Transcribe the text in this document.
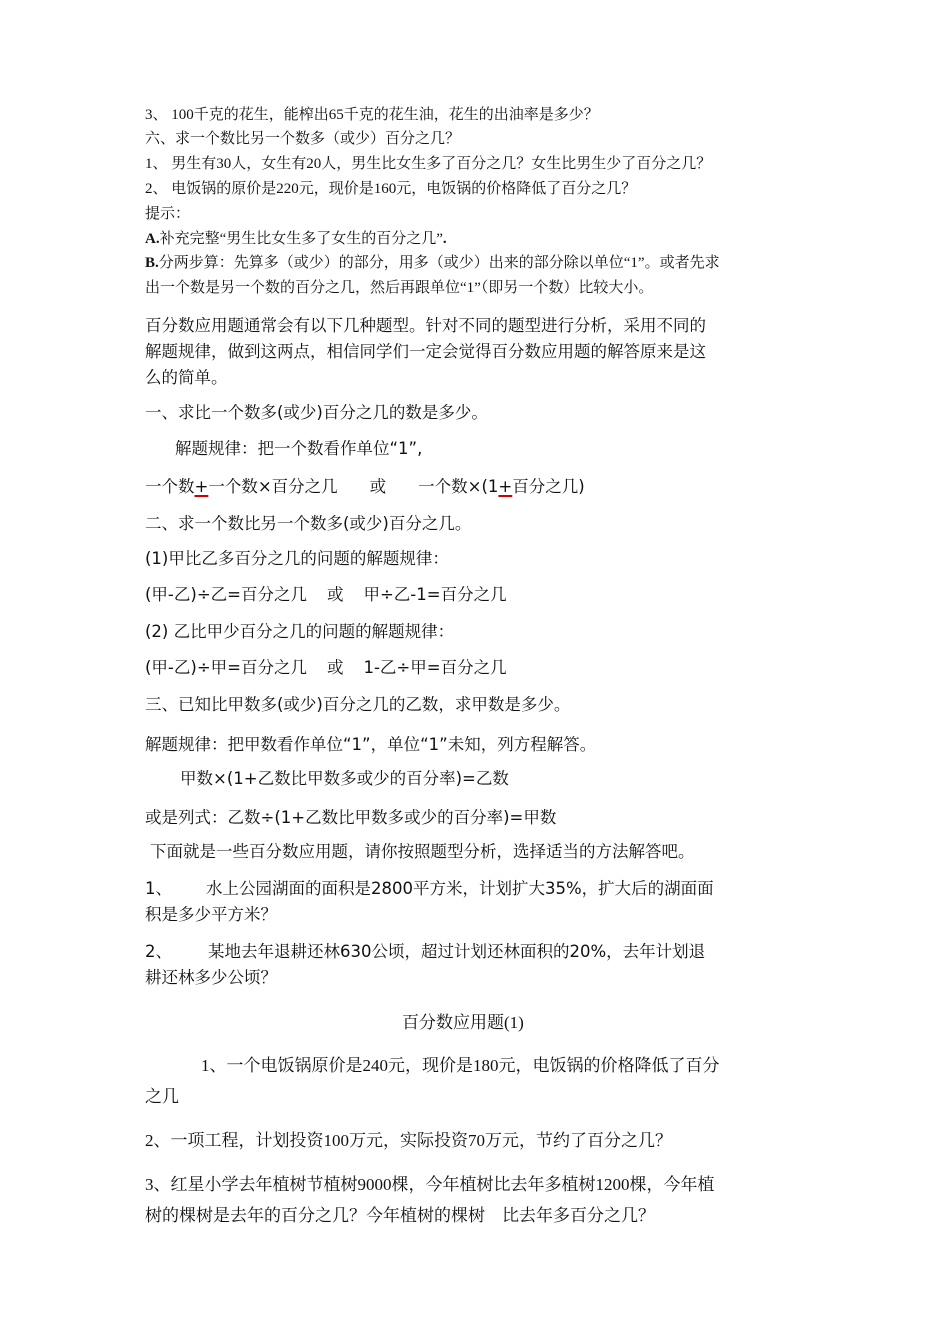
3、 100千克的花生，能榨出65千克的花生油，花生的出油率是多少？
六、求一个数比另一个数多（或少）百分之几？
1、 男生有30人，女生有20人，男生比女生多了百分之几？女生比男生少了百分之几？
2、 电饭锅的原价是220元，现价是160元，电饭锅的价格降低了百分之几？
提示：
A.补充完整“男生比女生多了女生的百分之几”.
B.分两步算：先算多（或少）的部分，用多（或少）出来的部分除以单位“1”。或者先求
出一个数是另一个数的百分之几，然后再跟单位“1”（即另一个数）比较大小。
百分数应用题通常会有以下几种题型。针对不同的题型进行分析，采用不同的
解题规律，做到这两点，相信同学们一定会觉得百分数应用题的解答原来是这
么的简单。
一、求比一个数多(或少)百分之几的数是多少。
解题规律：把一个数看作单位“1”,
一个数+一个数×百分之几 或 一个数×(1+百分之几)
二、求一个数比另一个数多(或少)百分之几。
(1)甲比乙多百分之几的问题的解题规律：
(甲-乙)÷乙=百分之几 或 甲÷乙-1=百分之几
(2) 乙比甲少百分之几的问题的解题规律：
(甲-乙)÷甲=百分之几 或 1-乙÷甲=百分之几
三、已知比甲数多(或少)百分之几的乙数，求甲数是多少。
解题规律：把甲数看作单位“1”，单位“1”未知，列方程解答。
甲数×(1+乙数比甲数多或少的百分率)=乙数
或是列式：乙数÷(1+乙数比甲数多或少的百分率)=甲数
下面就是一些百分数应用题，请你按照题型分析，选择适当的方法解答吧。
1、 水上公园湖面的面积是2800平方米，计划扩大35%，扩大后的湖面面
积是多少平方米？
2、 某地去年退耕还林630公顷，超过计划还林面积的20%，去年计划退
耕还林多少公顷？
百分数应用题(1)
1、一个电饭锅原价是240元，现价是180元，电饭锅的价格降低了百分
之几
2、一项工程，计划投资100万元，实际投资70万元，节约了百分之几？
3、红星小学去年植树节植树9000棵，今年植树比去年多植树1200棵，今年植
树的棵树是去年的百分之几？今年植树的棵树　比去年多百分之几？
